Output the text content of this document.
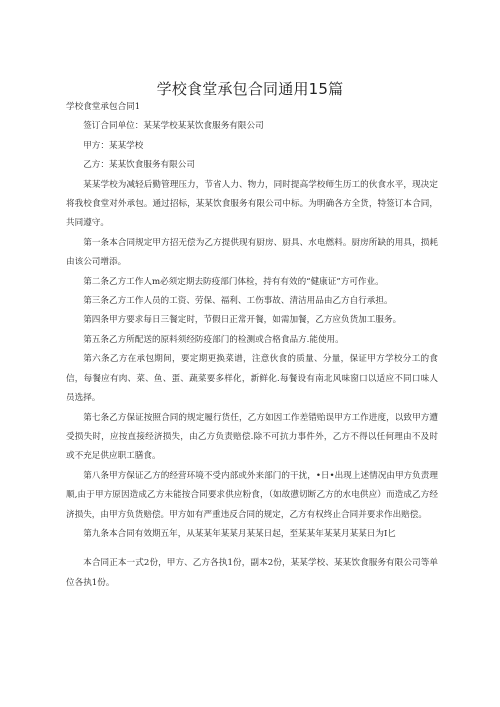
学校食堂承包合同通用15篇

学校食堂承包合同1

签订合同单位：某某学校某某饮食服务有限公司

甲方：某某学校

乙方：某某饮食服务有限公司

某某学校为减轻后勤管理压力，节省人力、物力，同时提高学校师生历工的伙食水平，现决定将我校食堂对外承包。通过招标，某某饮食服务有限公司中标。为明确各方全货，特签订本合同，共同遵守。

第一条本合同规定甲方招无偿为乙方提供现有厨房、厨具、水电燃料。厨房所缺的用具，损耗由该公司增添。

第二条乙方工作人m必须定期去防疫部门体检，持有有效的“健康证”方可作业。

第三条乙方工作人员的工资、劳保、福利、工伤事故、清洁用品由乙方自行承担。

第四条甲方要求每日三餐定时，节假日正常开餐，如需加餐，乙方应负货加工服务。

第五条乙方所配送的原料须经防疫部门的检测或合格食品方.能使用。

第六条乙方在承包期间，要定期更换菜谱，注意伙食的质量、分量，保证甲方学校分工的食信，每餐应有肉、菜、鱼、蛋、蔬菜要多样化，新鲜化.每餐设有南北风味窗口以适应不同口味人员选择。

第七条乙方保证按照合同的规定履行货任，乙方如因工作差错贻误甲方工作进度，以致甲方遭受损失时，应按直接经济损失，由乙方负责赔偿.除不可抗力事件外，乙方不得以任何理由不及时或不充足供应职工膳食。

第八条甲方保证乙方的经营环境不受内部或外来部门的干扰，•日•出现上述情况由甲方负责理顺,由于甲方原因造成乙方未能按合同要求供应粉食，（如故懑切断乙方的水电供应）而造成乙方经济损失，由甲方负货赔偿。甲方如有严重违反合同的规定，乙方有权终止合同并要求作出赔偿。

第九条本合同有效期五年，从某某年某某月某某日起，至某某年某某月某某日为I匕

本合同正本一式2份，甲方、乙方各执1份，副本2份，某某学校、某某饮食服务有限公司等单位各执1份。
